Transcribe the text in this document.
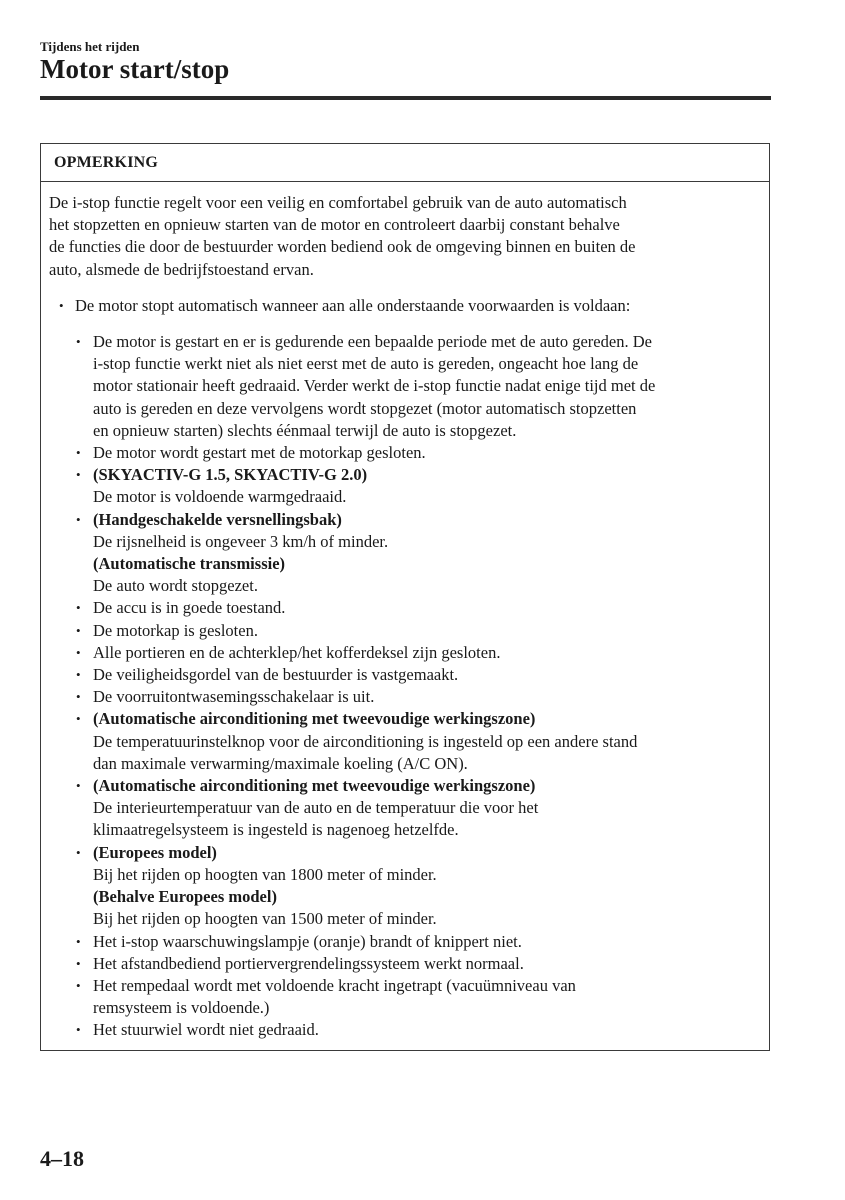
Tijdens het rijden
Motor start/stop
OPMERKING

De i-stop functie regelt voor een veilig en comfortabel gebruik van de auto automatisch

het stopzetten en opnieuw starten van de motor en controleert daarbij constant behalve

de functies die door de bestuurder worden bediend ook de omgeving binnen en buiten de

auto, alsmede de bedrijfstoestand ervan.

• De motor stopt automatisch wanneer aan alle onderstaande voorwaarden is voldaan:
• De motor is gestart en er is gedurende een bepaalde periode met de auto gereden. De
i-stop functie werkt niet als niet eerst met de auto is gereden, ongeacht hoe lang de
motor stationair heeft gedraaid. Verder werkt de i-stop functie nadat enige tijd met de
auto is gereden en deze vervolgens wordt stopgezet (motor automatisch stopzetten
en opnieuw starten) slechts éénmaal terwijl de auto is stopgezet.
• De motor wordt gestart met de motorkap gesloten.
• (SKYACTIV-G 1.5, SKYACTIV-G 2.0)
De motor is voldoende warmgedraaid.
• (Handgeschakelde versnellingsbak)
De rijsnelheid is ongeveer 3 km/h of minder.
(Automatische transmissie)
De auto wordt stopgezet.
• De accu is in goede toestand.
• De motorkap is gesloten.
• Alle portieren en de achterklep/het kofferdeksel zijn gesloten.
• De veiligheidsgordel van de bestuurder is vastgemaakt.
• De voorruitontwasemingsschakelaar is uit.
• (Automatische airconditioning met tweevoudige werkingszone)
De temperatuurinstelknop voor de airconditioning is ingesteld op een andere stand
dan maximale verwarming/maximale koeling (A/C ON).
• (Automatische airconditioning met tweevoudige werkingszone)
De interieurtemperatuur van de auto en de temperatuur die voor het
klimaatregelsysteem is ingesteld is nagenoeg hetzelfde.
• (Europees model)
Bij het rijden op hoogten van 1800 meter of minder.
(Behalve Europees model)
Bij het rijden op hoogten van 1500 meter of minder.
• Het i-stop waarschuwingslampje (oranje) brandt of knippert niet.
• Het afstandbediend portiervergrendelingssysteem werkt normaal.
• Het rempedaal wordt met voldoende kracht ingetrapt (vacuümniveau van
remsysteem is voldoende.)
• Het stuurwiel wordt niet gedraaid.
4–18
